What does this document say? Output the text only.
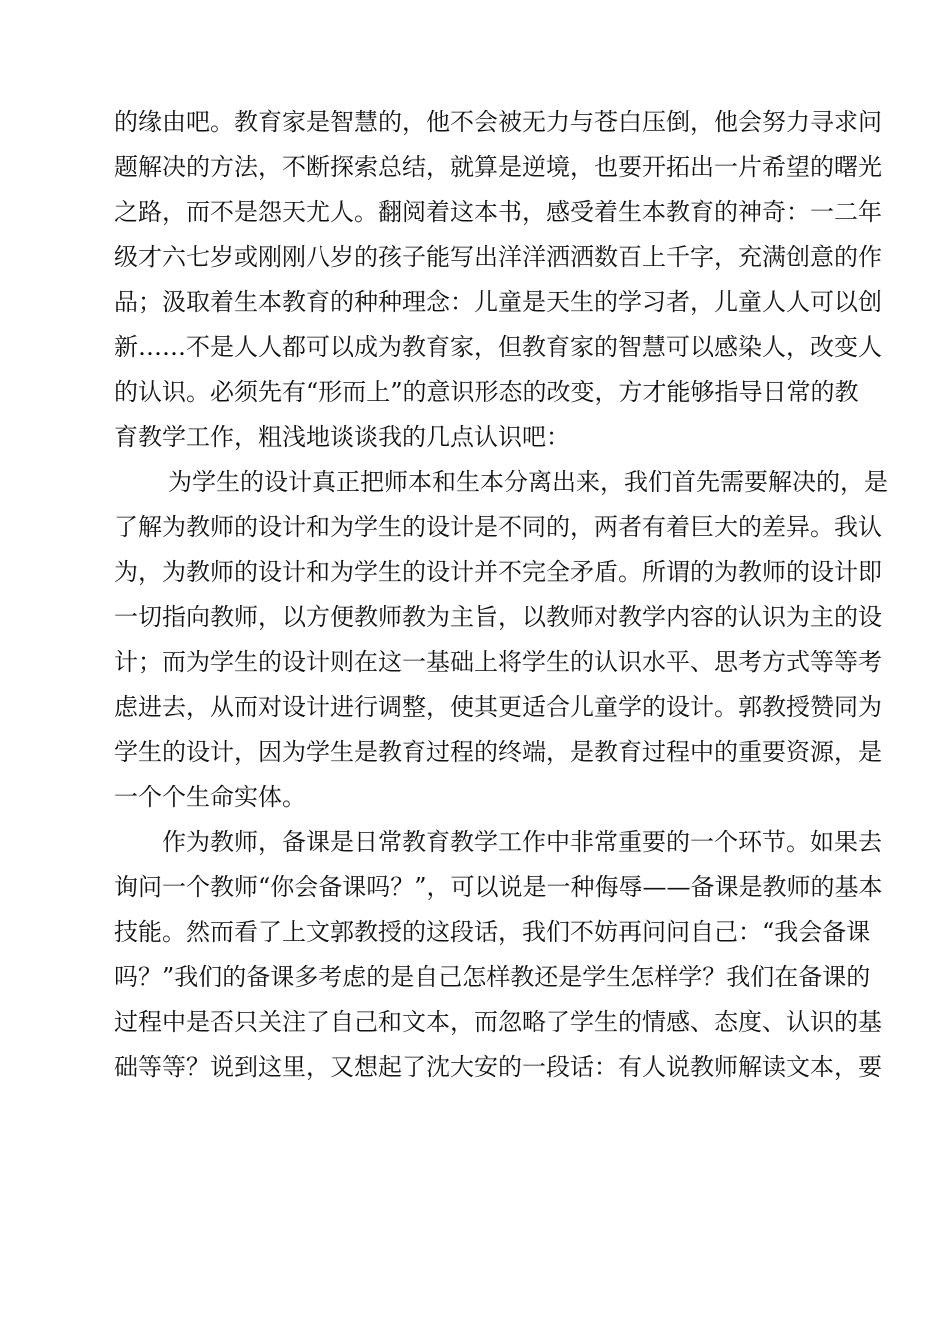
的缘由吧。教育家是智慧的，他不会被无力与苍白压倒，他会努力寻求问
题解决的方法，不断探索总结，就算是逆境，也要开拓出一片希望的曙光
之路，而不是怨天尤人。翻阅着这本书，感受着生本教育的神奇：一二年
级才六七岁或刚刚八岁的孩子能写出洋洋洒洒数百上千字，充满创意的作
品；汲取着生本教育的种种理念：儿童是天生的学习者，儿童人人可以创
新……不是人人都可以成为教育家，但教育家的智慧可以感染人，改变人
的认识。必须先有“形而上”的意识形态的改变，方才能够指导日常的教
育教学工作，粗浅地谈谈我的几点认识吧：
为学生的设计真正把师本和生本分离出来，我们首先需要解决的，是
了解为教师的设计和为学生的设计是不同的，两者有着巨大的差异。我认
为，为教师的设计和为学生的设计并不完全矛盾。所谓的为教师的设计即
一切指向教师，以方便教师教为主旨，以教师对教学内容的认识为主的设
计；而为学生的设计则在这一基础上将学生的认识水平、思考方式等等考
虑进去，从而对设计进行调整，使其更适合儿童学的设计。郭教授赞同为
学生的设计，因为学生是教育过程的终端，是教育过程中的重要资源，是
一个个生命实体。
作为教师，备课是日常教育教学工作中非常重要的一个环节。如果去
询问一个教师“你会备课吗？”，可以说是一种侮辱——备课是教师的基本
技能。然而看了上文郭教授的这段话，我们不妨再问问自己：“我会备课
吗？”我们的备课多考虑的是自己怎样教还是学生怎样学？我们在备课的
过程中是否只关注了自己和文本，而忽略了学生的情感、态度、认识的基
础等等？说到这里，又想起了沈大安的一段话：有人说教师解读文本，要
